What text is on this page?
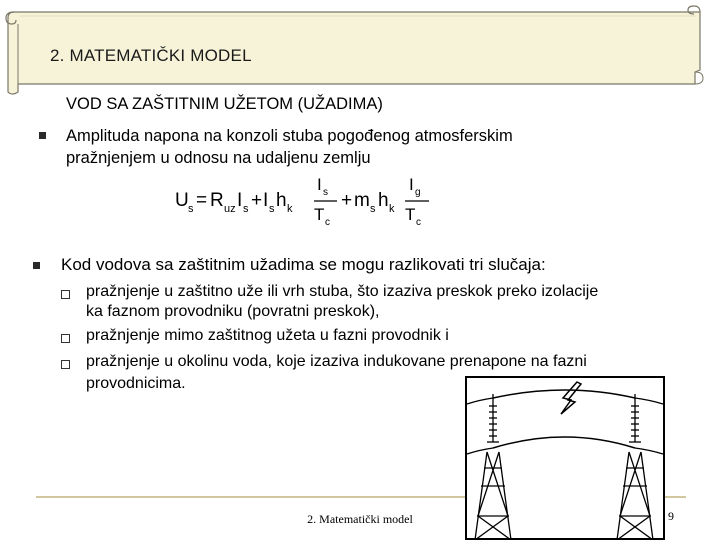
2. MATEMATIČKI MODEL
VOD SA ZAŠTITNIM UŽETOM (UŽADIMA)
Amplituda napona na konzoli stuba pogođenog atmosferskim
pražnjenjem u odnosu na udaljenu zemlju
U s = R uz I s + I s h k
I s
T c
+ m s h k
I g
T c
Kod vodova sa zaštitnim užadima se mogu razlikovati tri slučaja:
pražnjenje u zaštitno uže ili vrh stuba, što izaziva preskok preko izolacije
ka faznom provodniku (povratni preskok),
pražnjenje mimo zaštitnog užeta u fazni provodnik i
pražnjenje u okolinu voda, koje izaziva indukovane prenapone na fazni
provodnicima.
2. Matematički model	9
